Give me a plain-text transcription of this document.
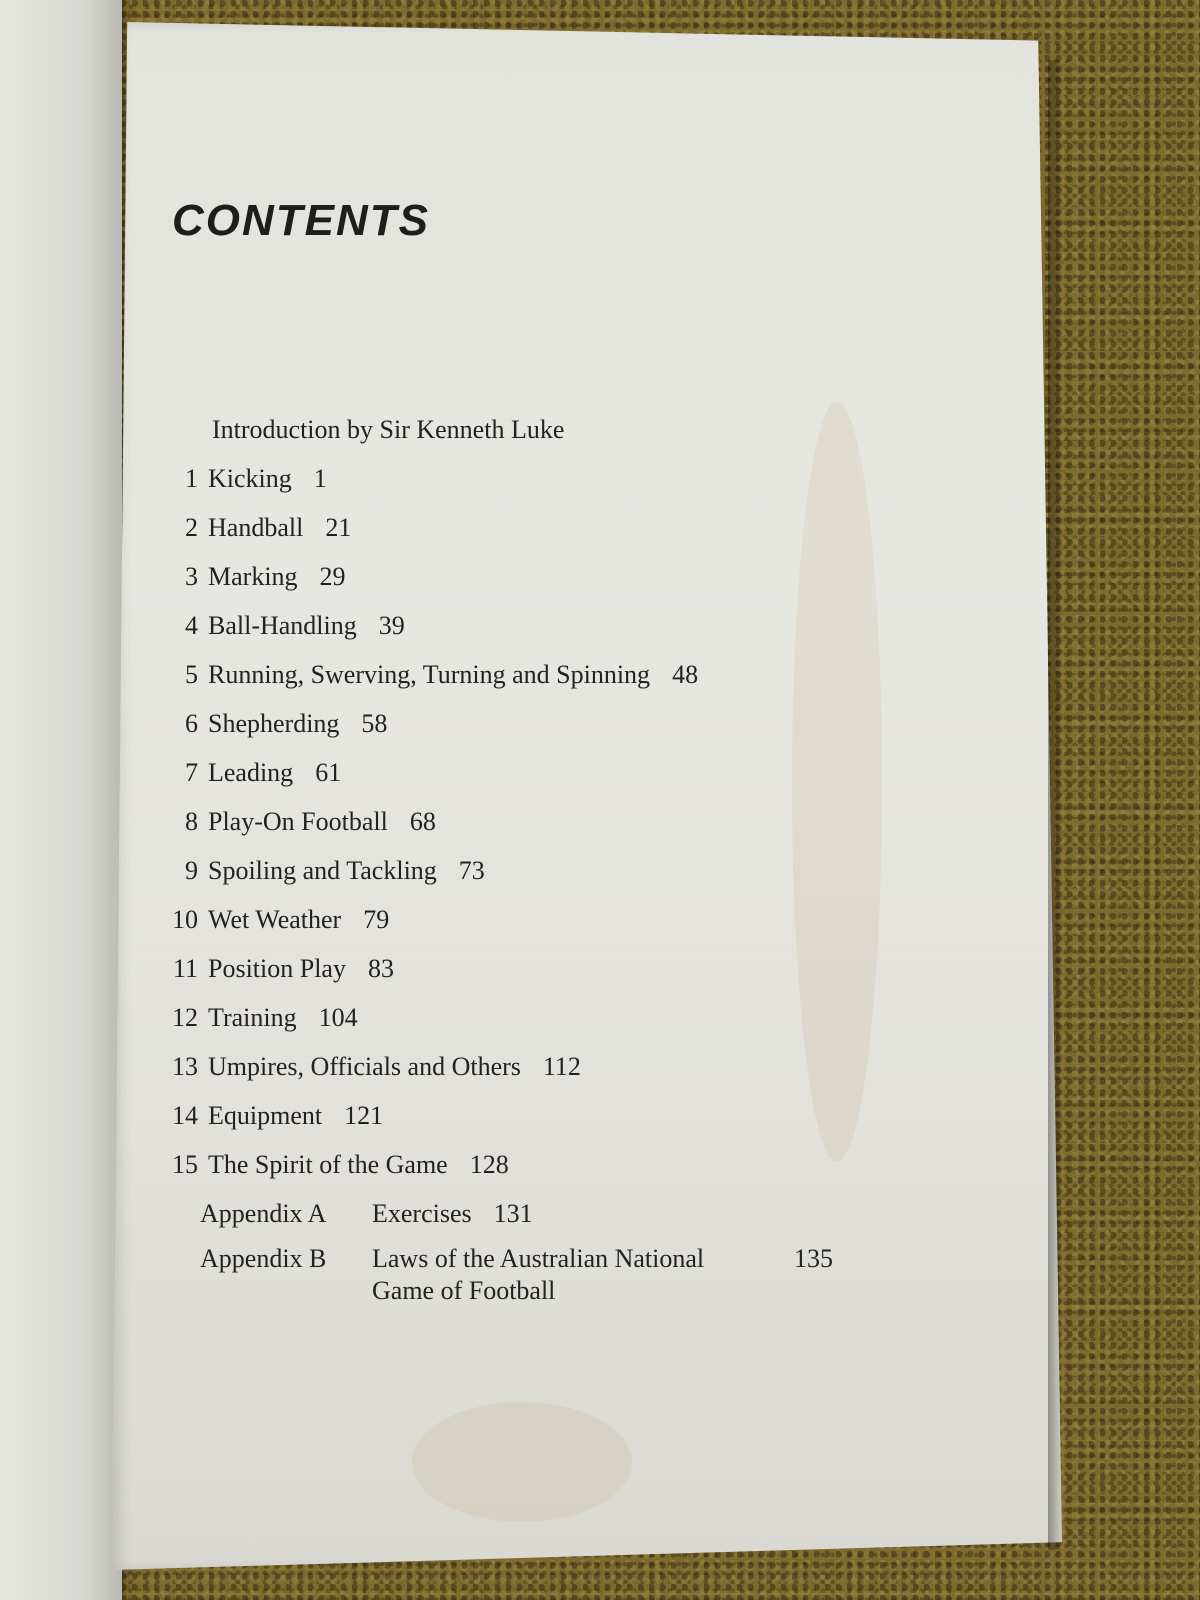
CONTENTS
Introduction by Sir Kenneth Luke
1 Kicking 1
2 Handball 21
3 Marking 29
4 Ball-Handling 39
5 Running, Swerving, Turning and Spinning 48
6 Shepherding 58
7 Leading 61
8 Play-On Football 68
9 Spoiling and Tackling 73
10 Wet Weather 79
11 Position Play 83
12 Training 104
13 Umpires, Officials and Others 112
14 Equipment 121
15 The Spirit of the Game 128
Appendix A Exercises 131
Appendix B Laws of the Australian National Game of Football135
